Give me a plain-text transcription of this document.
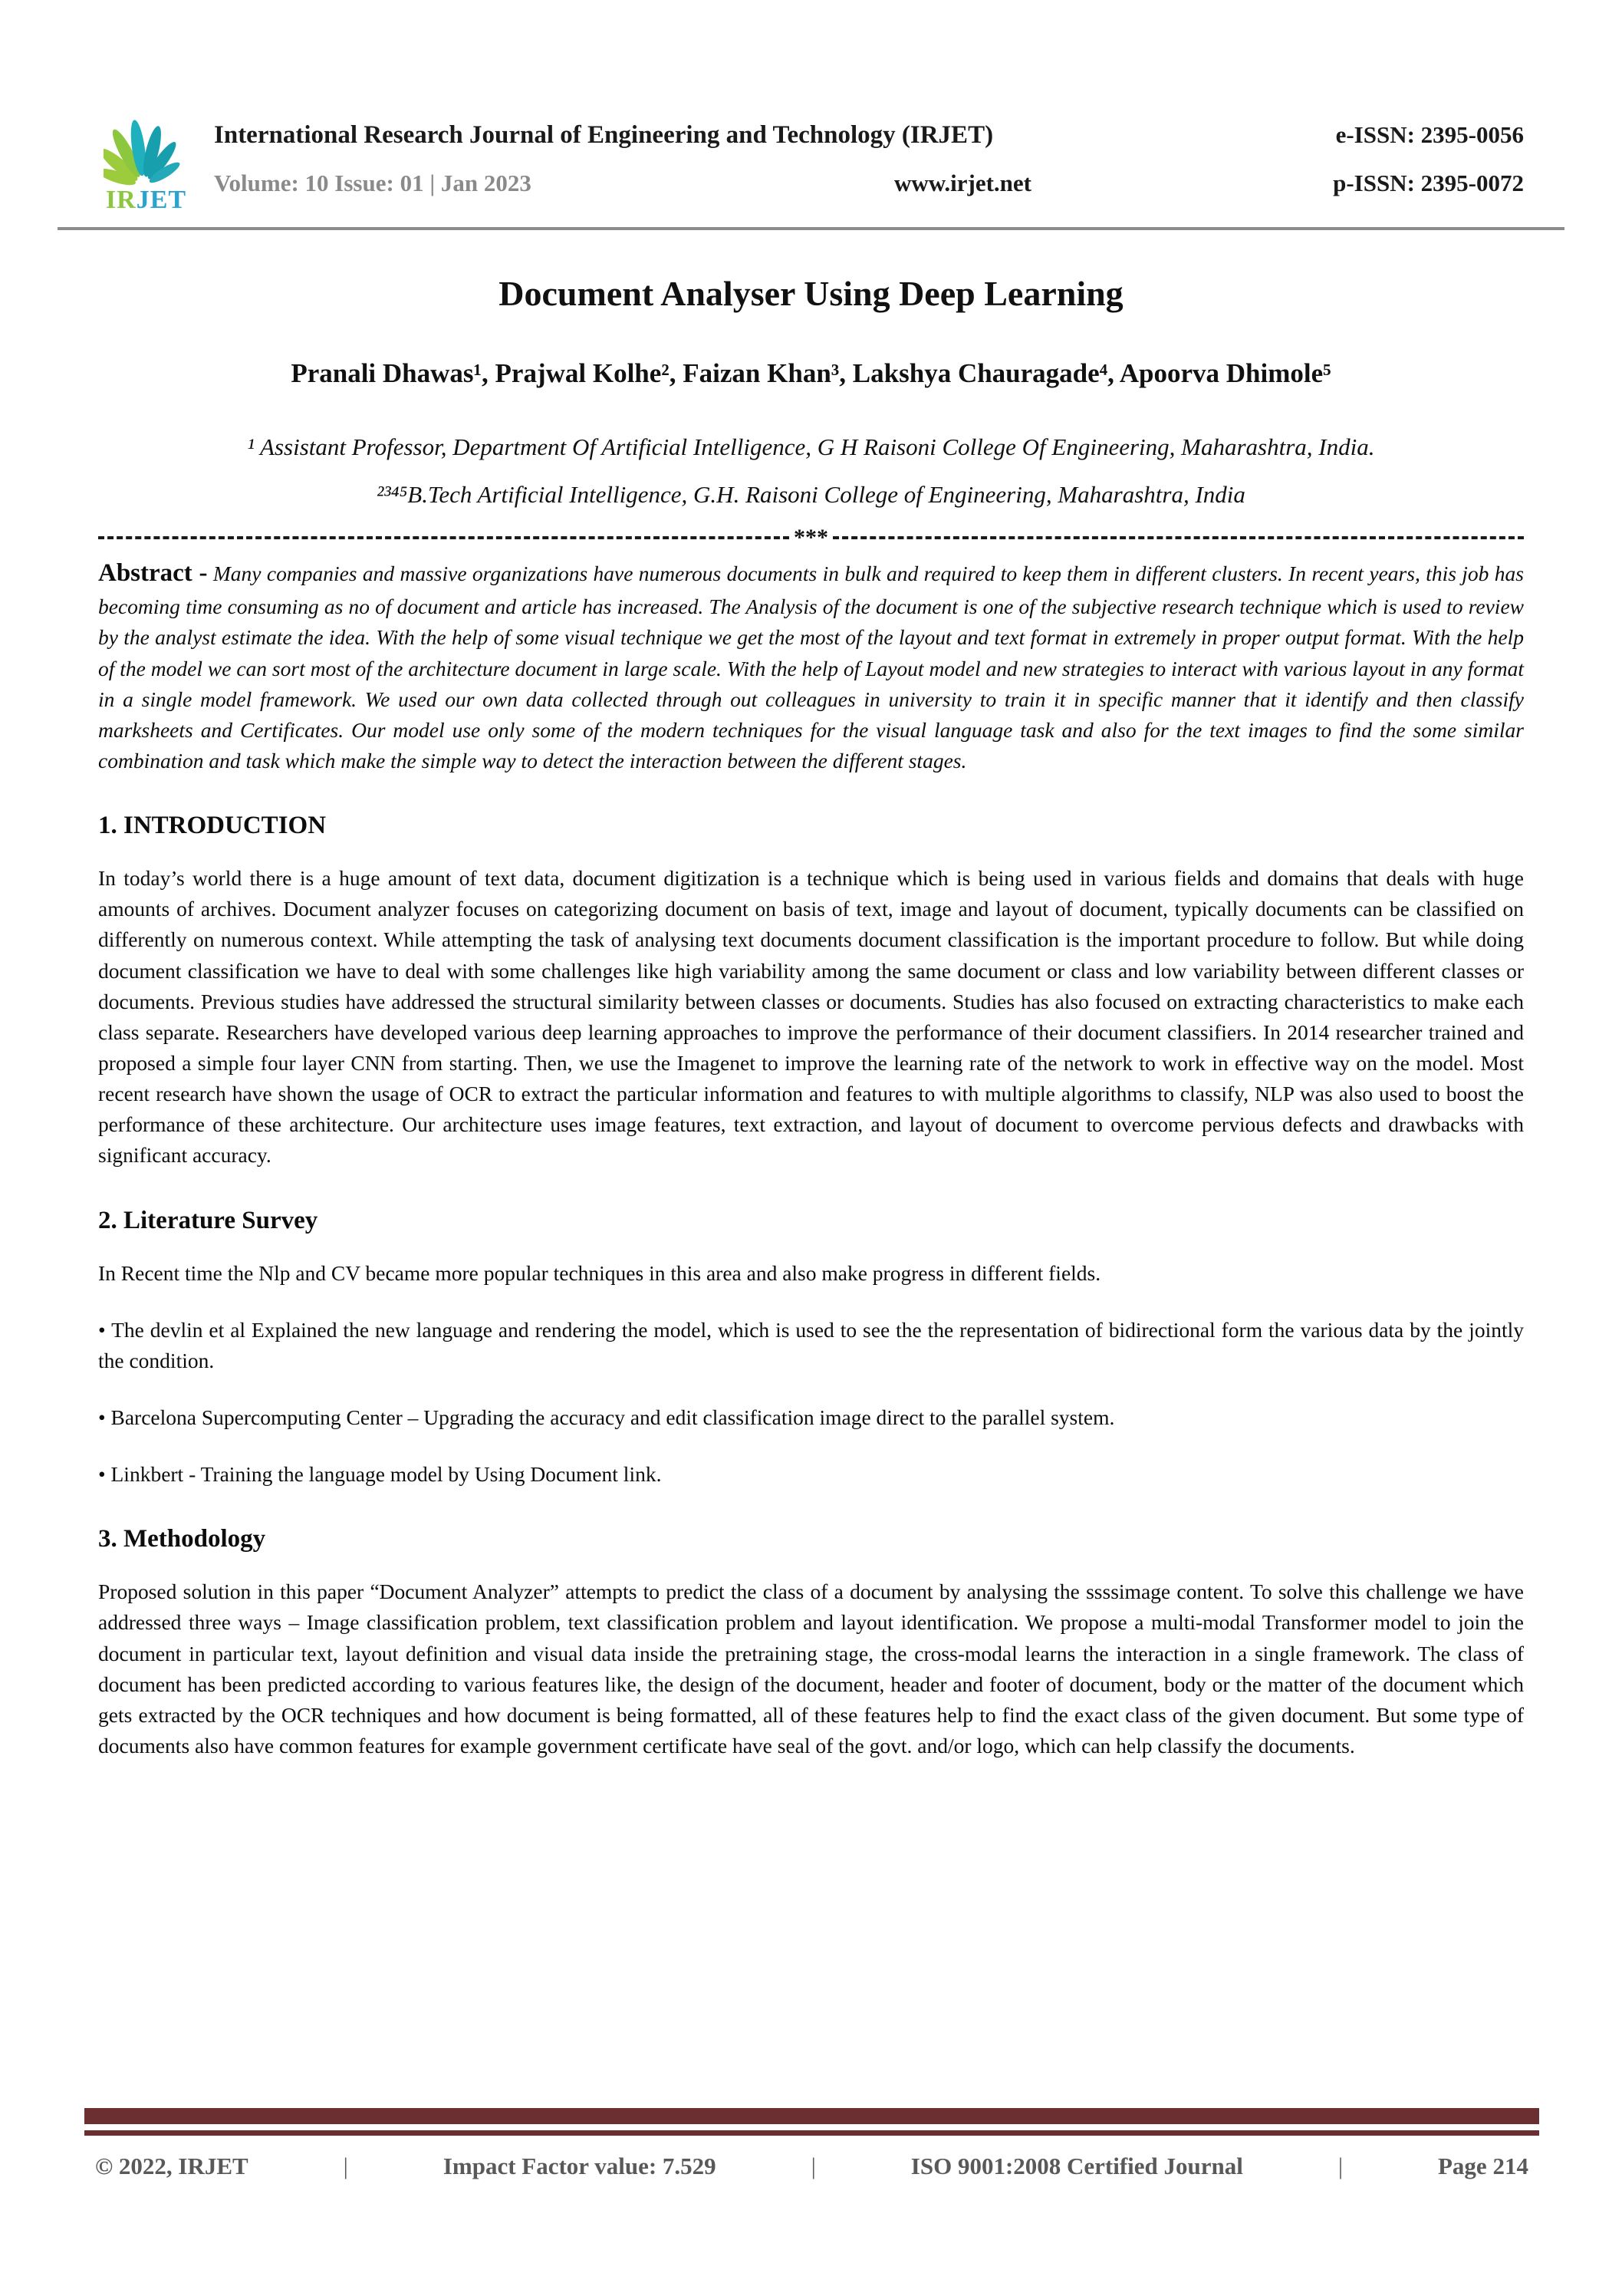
IRJET
International Research Journal of Engineering and Technology (IRJET)	e-ISSN: 2395-0056
Volume: 10 Issue: 01 | Jan 2023	www.irjet.net	p-ISSN: 2395-0072
Document Analyser Using Deep Learning
Pranali Dhawas¹, Prajwal Kolhe², Faizan Khan³, Lakshya Chauragade⁴, Apoorva Dhimole⁵
¹ Assistant Professor, Department Of Artificial Intelligence, G H Raisoni College Of Engineering, Maharashtra, India.
²³⁴⁵B.Tech Artificial Intelligence, G.H. Raisoni College of Engineering, Maharashtra, India
***

Abstract - Many companies and massive organizations have numerous documents in bulk and required to keep them in different clusters. In recent years, this job has becoming time consuming as no of document and article has increased. The Analysis of the document is one of the subjective research technique which is used to review by the analyst estimate the idea. With the help of some visual technique we get the most of the layout and text format in extremely in proper output format. With the help of the model we can sort most of the architecture document in large scale. With the help of Layout model and new strategies to interact with various layout in any format in a single model framework. We used our own data collected through out colleagues in university to train it in specific manner that it identify and then classify marksheets and Certificates. Our model use only some of the modern techniques for the visual language task and also for the text images to find the some similar combination and task which make the simple way to detect the interaction between the different stages.

1. INTRODUCTION

In today’s world there is a huge amount of text data, document digitization is a technique which is being used in various fields and domains that deals with huge amounts of archives. Document analyzer focuses on categorizing document on basis of text, image and layout of document, typically documents can be classified on differently on numerous context. While attempting the task of analysing text documents document classification is the important procedure to follow. But while doing document classification we have to deal with some challenges like high variability among the same document or class and low variability between different classes or documents. Previous studies have addressed the structural similarity between classes or documents. Studies has also focused on extracting characteristics to make each class separate. Researchers have developed various deep learning approaches to improve the performance of their document classifiers. In 2014 researcher trained and proposed a simple four layer CNN from starting. Then, we use the Imagenet to improve the learning rate of the network to work in effective way on the model. Most recent research have shown the usage of OCR to extract the particular information and features to with multiple algorithms to classify, NLP was also used to boost the performance of these architecture. Our architecture uses image features, text extraction, and layout of document to overcome pervious defects and drawbacks with significant accuracy.

2. Literature Survey

In Recent time the Nlp and CV became more popular techniques in this area and also make progress in different fields.

• The devlin et al Explained the new language and rendering the model, which is used to see the the representation of bidirectional form the various data by the jointly the condition.

• Barcelona Supercomputing Center – Upgrading the accuracy and edit classification image direct to the parallel system.

• Linkbert - Training the language model by Using Document link.

3. Methodology

Proposed solution in this paper “Document Analyzer” attempts to predict the class of a document by analysing the ssssimage content. To solve this challenge we have addressed three ways – Image classification problem, text classification problem and layout identification. We propose a multi-modal Transformer model to join the document in particular text, layout definition and visual data inside the pretraining stage, the cross-modal learns the interaction in a single framework. The class of document has been predicted according to various features like, the design of the document, header and footer of document, body or the matter of the document which gets extracted by the OCR techniques and how document is being formatted, all of these features help to find the exact class of the given document. But some type of documents also have common features for example government certificate have seal of the govt. and/or logo, which can help classify the documents.

© 2022, IRJET	|	Impact Factor value: 7.529	|	ISO 9001:2008 Certified Journal	|	Page 214
